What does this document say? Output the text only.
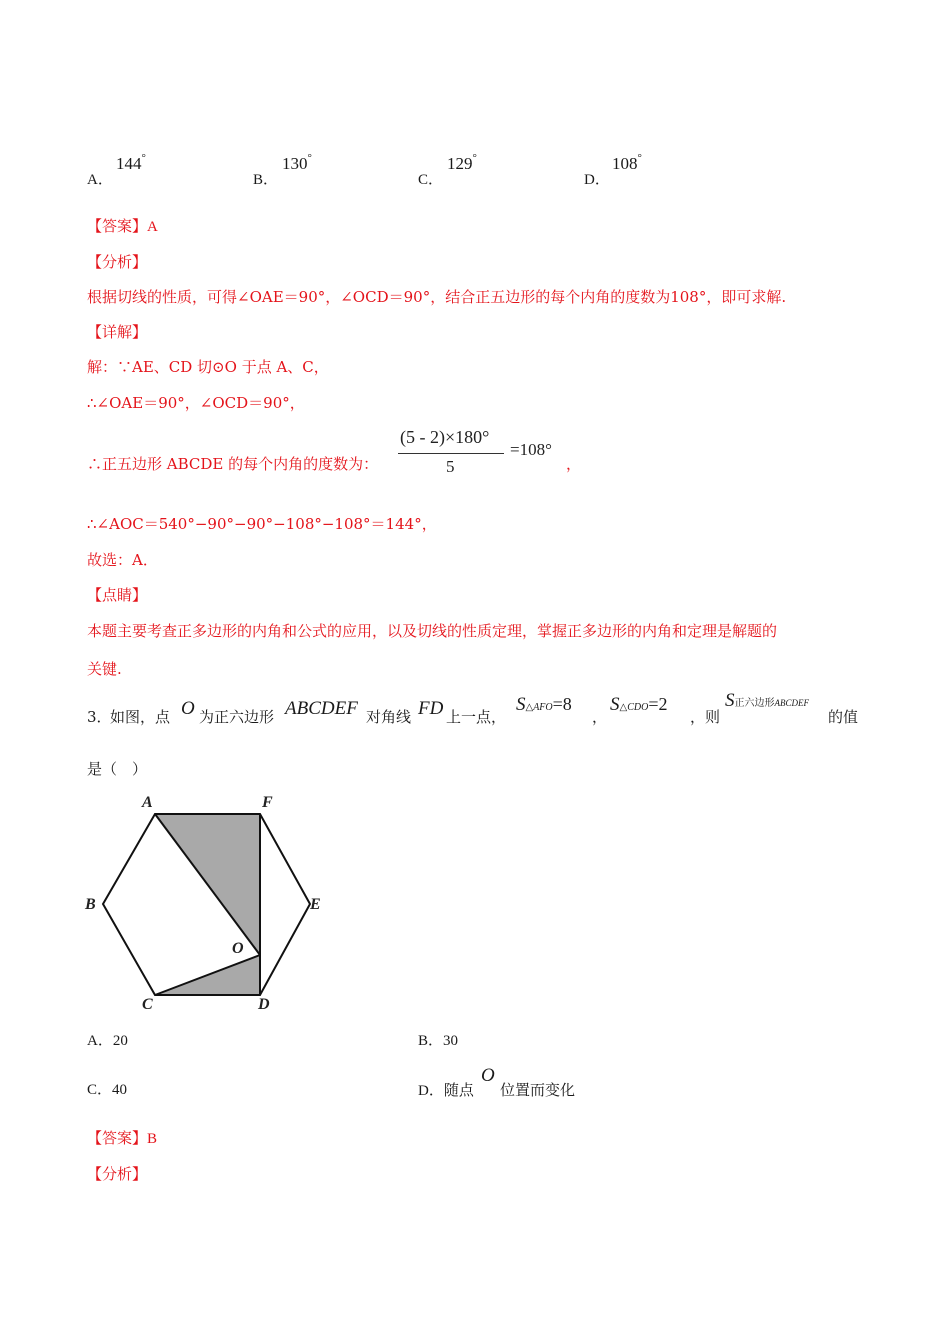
A．
144°
B．
130°
C．
129°
D．
108°
【答案】A
【分析】
根据切线的性质，可得∠OAE＝90°，∠OCD＝90°，结合正五边形的每个内角的度数为108°，即可求解.
【详解】
解：∵AE、CD 切⊙O 于点 A、C，
∴∠OAE＝90°，∠OCD＝90°，
∴正五边形 ABCDE 的每个内角的度数为：
(5 - 2)×180°
5
=108°
，
∴∠AOC＝540°−90°−90°−108°−108°＝144°，
故选：A．
【点睛】
本题主要考查正多边形的内角和公式的应用，以及切线的性质定理，掌握正多边形的内角和定理是解题的
关键.
3．
如图，点 O 为正六边形 ABCDEF 对角线 FD 上一点，
S△AFO=8
，
S△CDO=2
，则
S正六边形ABCDEF
的值
是（　）
A	F
B	E
O
C	D
A．20	B．30
C．40	D．随点
O
位置而变化
【答案】B
【分析】
